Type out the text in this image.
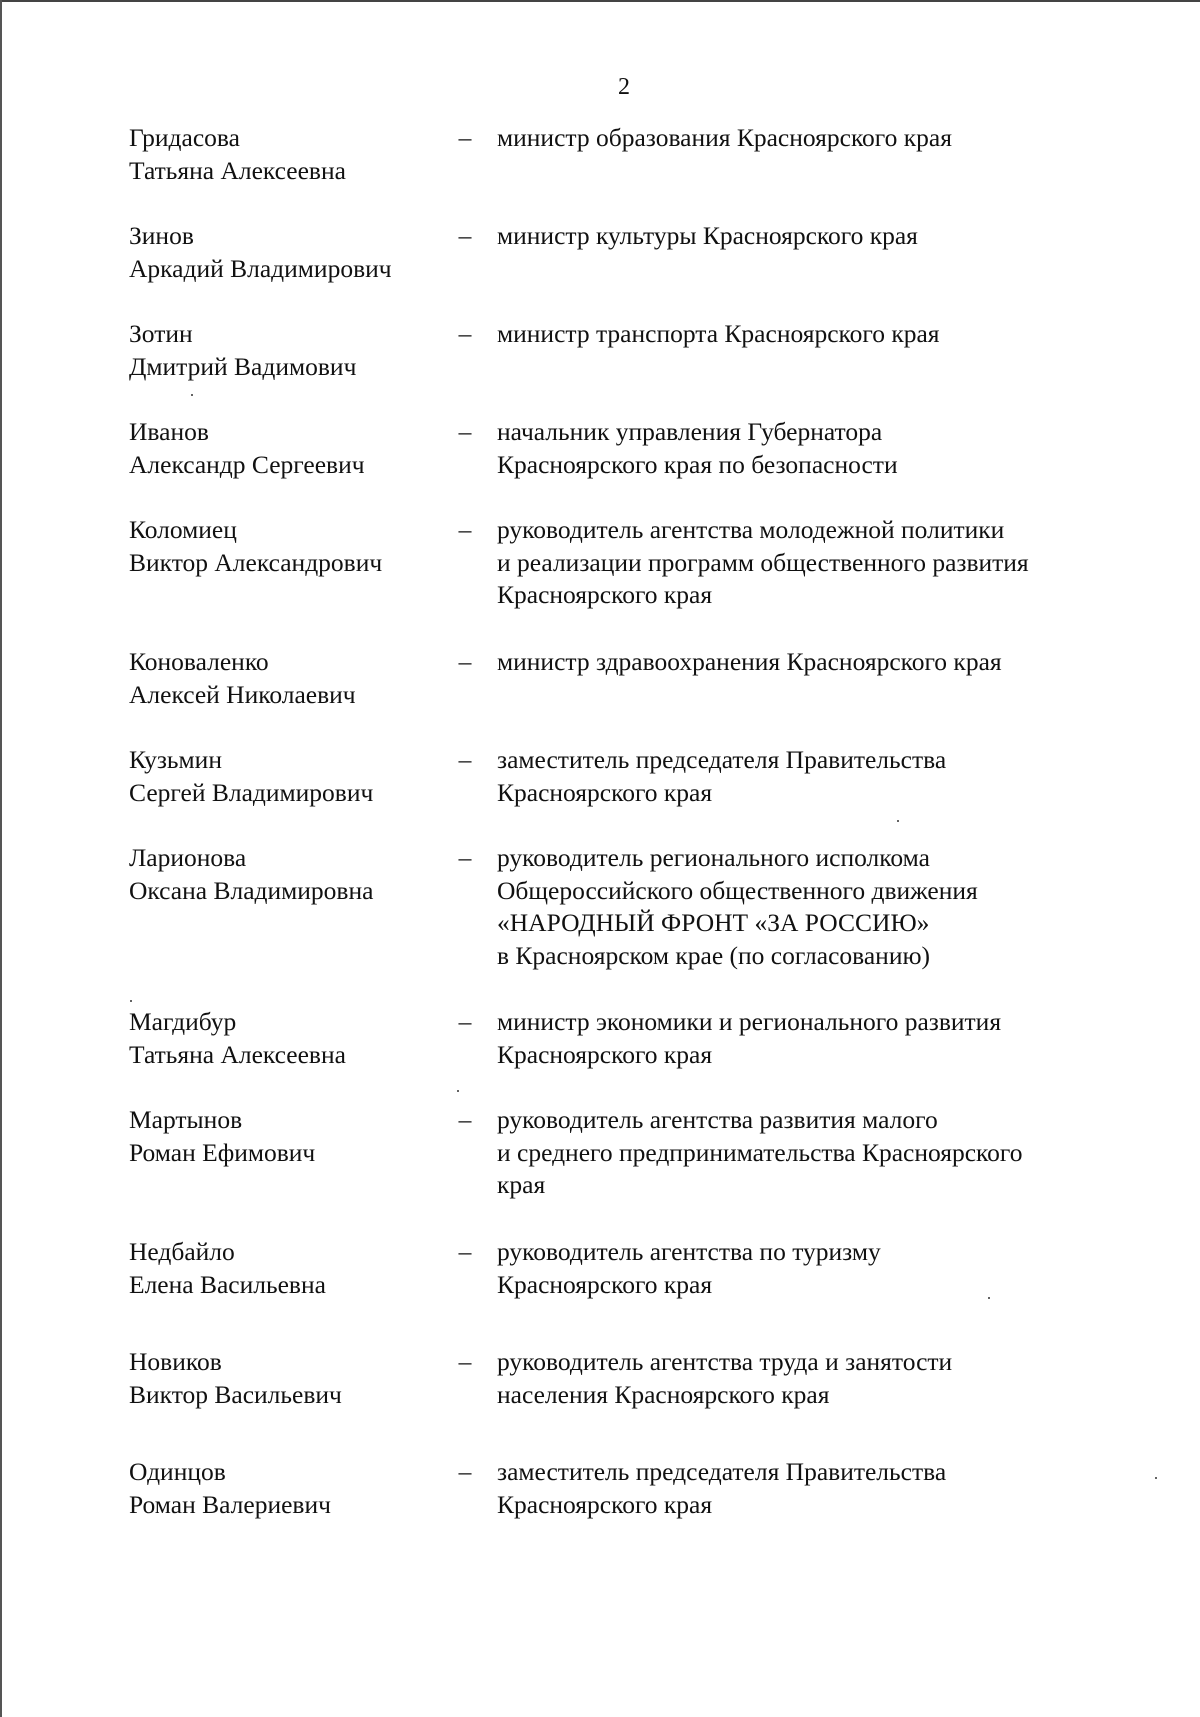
2
Гридасова
Татьяна Алексеевна
– министр образования Красноярского края
Зинов
Аркадий Владимирович
– министр культуры Красноярского края
Зотин
Дмитрий Вадимович
– министр транспорта Красноярского края
Иванов
Александр Сергеевич
– начальник управления Губернатора
Красноярского края по безопасности
Коломиец
Виктор Александрович
– руководитель агентства молодежной политики
и реализации программ общественного развития
Красноярского края
Коноваленко
Алексей Николаевич
– министр здравоохранения Красноярского края
Кузьмин
Сергей Владимирович
– заместитель председателя Правительства
Красноярского края
Ларионова
Оксана Владимировна
– руководитель регионального исполкома
Общероссийского общественного движения
«НАРОДНЫЙ ФРОНТ «ЗА РОССИЮ»
в Красноярском крае (по согласованию)
Магдибур
Татьяна Алексеевна
– министр экономики и регионального развития
Красноярского края
Мартынов
Роман Ефимович
– руководитель агентства развития малого
и среднего предпринимательства Красноярского
края
Недбайло
Елена Васильевна
– руководитель агентства по туризму
Красноярского края
Новиков
Виктор Васильевич
– руководитель агентства труда и занятости
населения Красноярского края
Одинцов
Роман Валериевич
– заместитель председателя Правительства
Красноярского края
